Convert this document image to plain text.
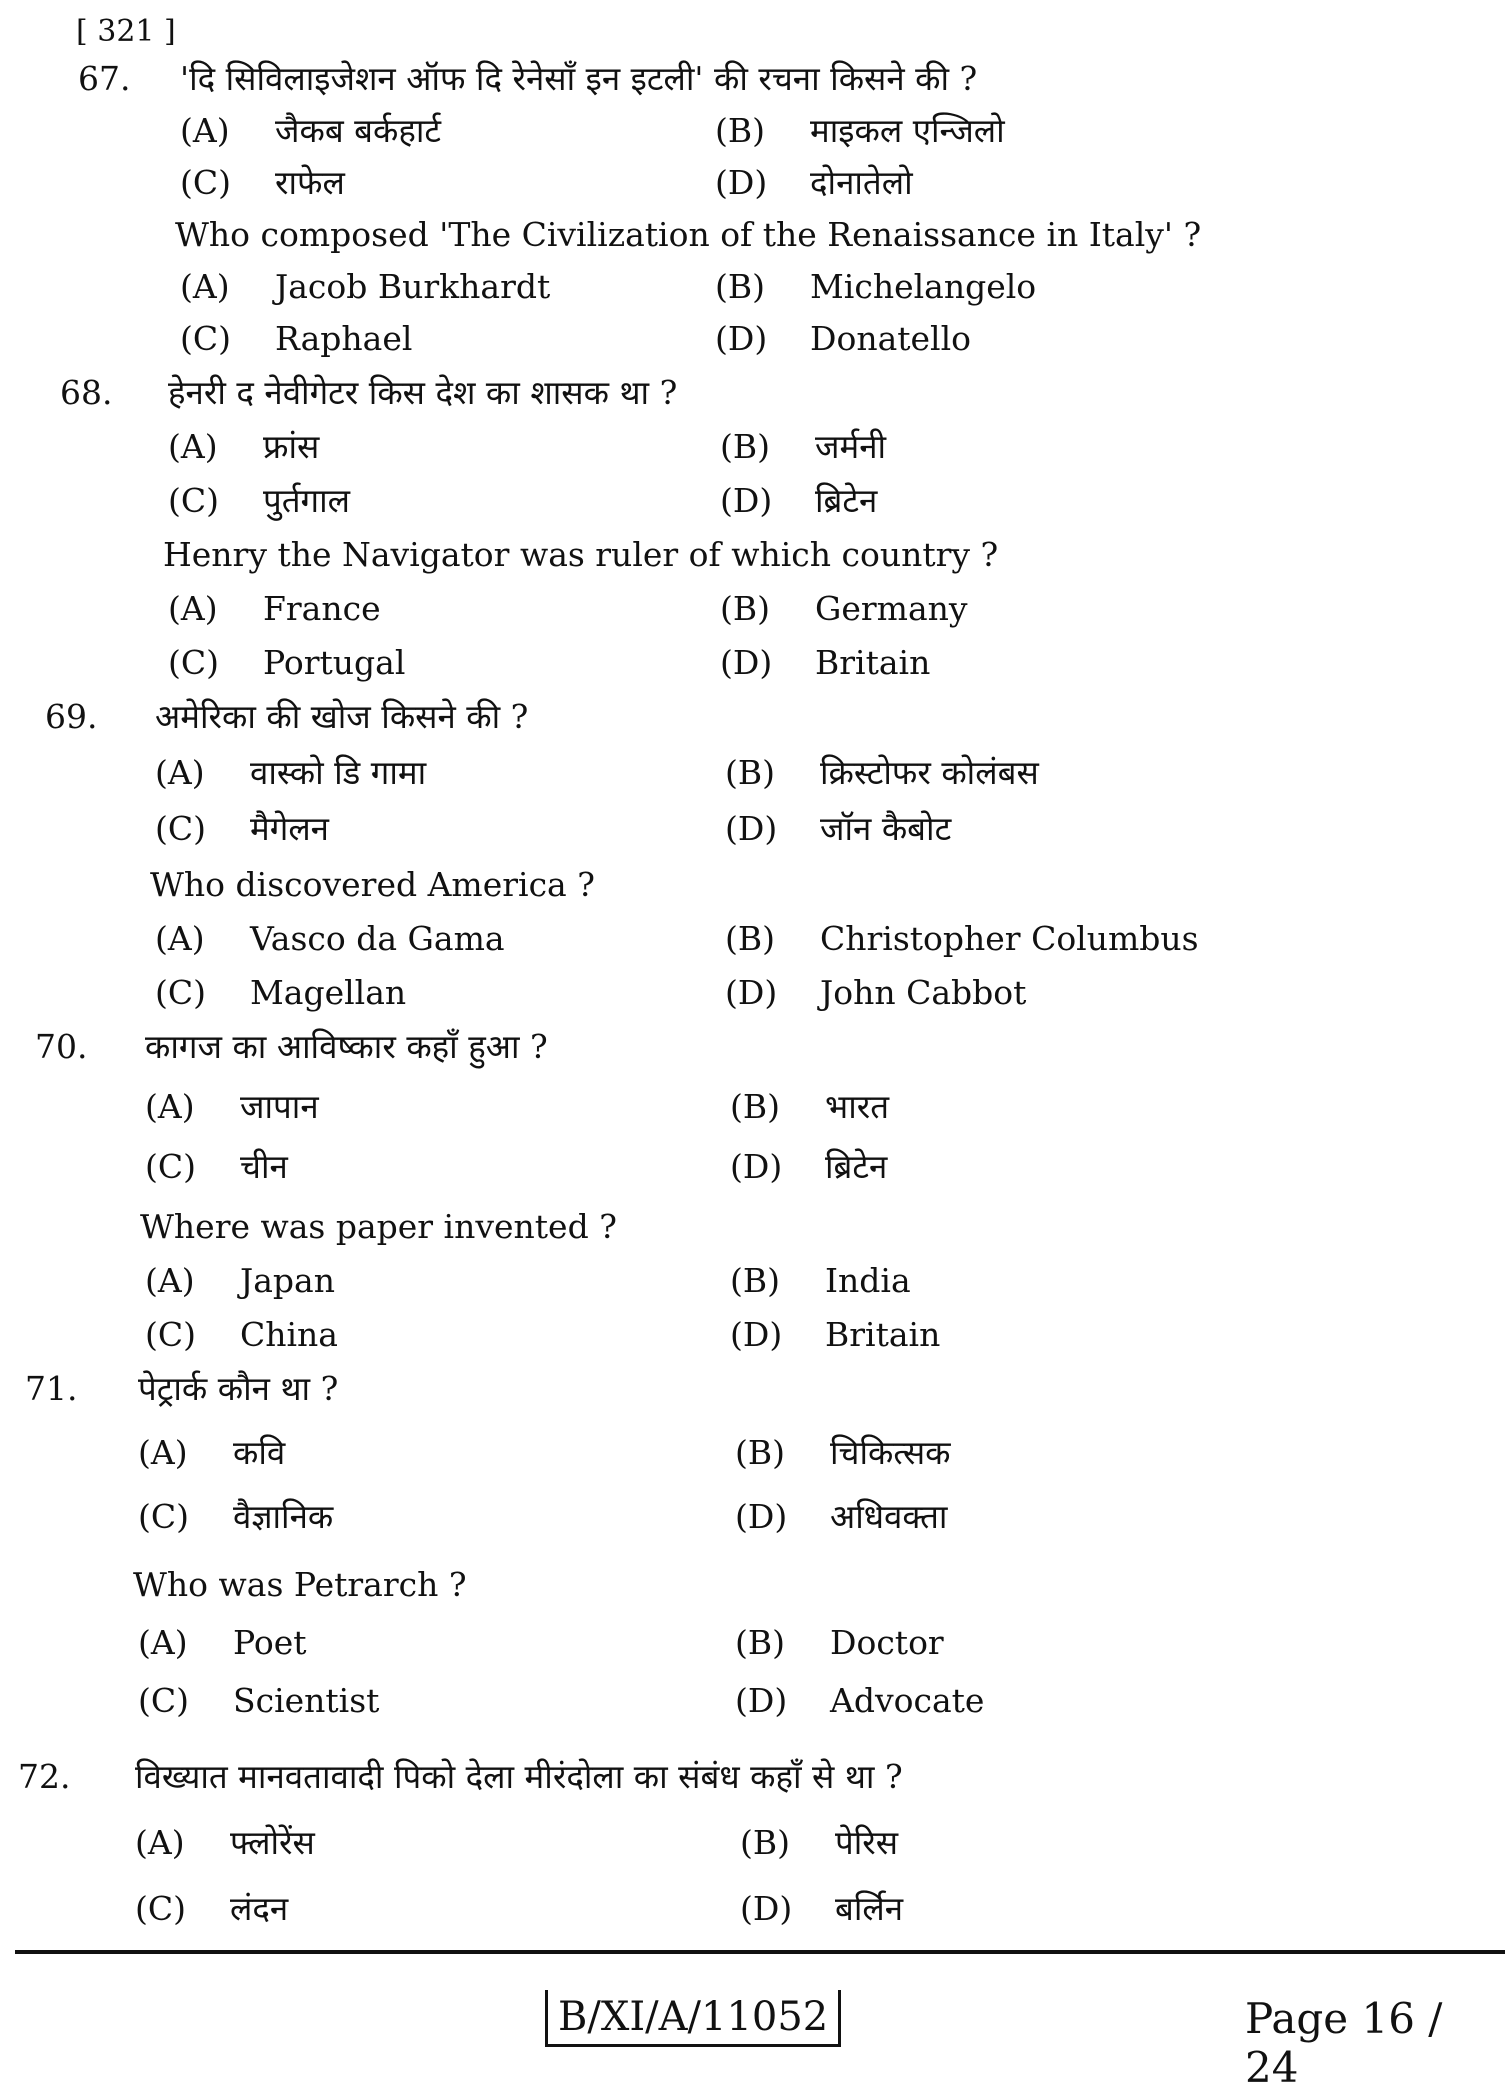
[ 321 ]
67. 'दि सिविलाइजेशन ऑफ दि रेनेसाँ इन इटली' की रचना किसने की ?
(A) जैकब बर्कहार्ट	(B) माइकल एन्जिलो
(C) राफेल	(D) दोनातेलो
Who composed 'The Civilization of the Renaissance in Italy' ?
(A) Jacob Burkhardt	(B) Michelangelo
(C) Raphael	(D) Donatello
68. हेनरी द नेवीगेटर किस देश का शासक था ?
(A) फ्रांस	(B) जर्मनी
(C) पुर्तगाल	(D) ब्रिटेन
Henry the Navigator was ruler of which country ?
(A) France	(B) Germany
(C) Portugal	(D) Britain
69. अमेरिका की खोज किसने की ?
(A) वास्को डि गामा	(B) क्रिस्टोफर कोलंबस
(C) मैगेलन	(D) जॉन कैबोट
Who discovered America ?
(A) Vasco da Gama	(B) Christopher Columbus
(C) Magellan	(D) John Cabbot
70. कागज का आविष्कार कहाँ हुआ ?
(A) जापान	(B) भारत
(C) चीन	(D) ब्रिटेन
Where was paper invented ?
(A) Japan	(B) India
(C) China	(D) Britain
71. पेट्रार्क कौन था ?
(A) कवि	(B) चिकित्सक
(C) वैज्ञानिक	(D) अधिवक्ता
Who was Petrarch ?
(A) Poet	(B) Doctor
(C) Scientist	(D) Advocate
72. विख्यात मानवतावादी पिको देला मीरंदोला का संबंध कहाँ से था ?
(A) फ्लोरेंस	(B) पेरिस
(C) लंदन	(D) बर्लिन
B/XI/A/11052	Page 16 / 24
